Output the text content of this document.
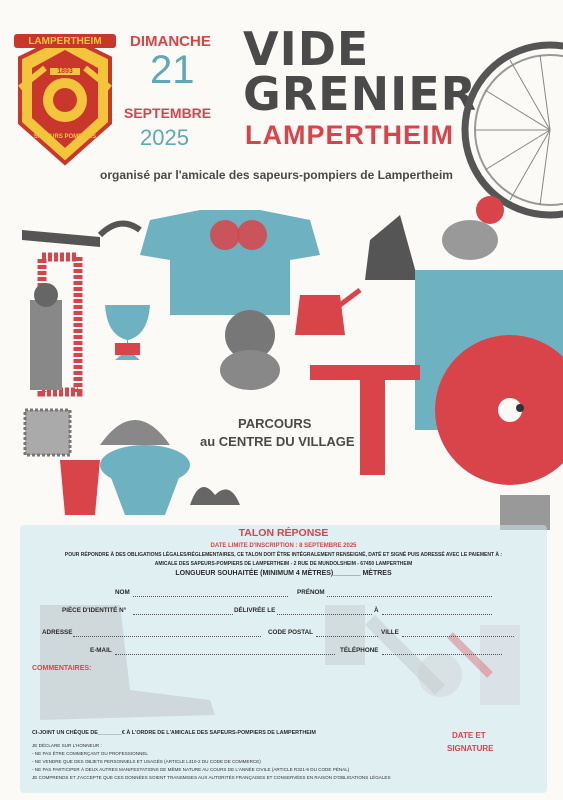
LAMPERTHEIM
1893
SAPEURS POMPIERS
DIMANCHE
21
SEPTEMBRE
2025
VIDE
GRENIER
LAMPERTHEIM
organisé par l'amicale des sapeurs-pompiers de Lampertheim
PARCOURS
au CENTRE DU VILLAGE
TALON RÉPONSE
DATE LIMITE D'INSCRIPTION : 8 SEPTEMBRE 2025
POUR RÉPONDRE À DES OBLIGATIONS LÉGALES/RÉGLEMENTAIRES, CE TALON DOIT ÊTRE INTÉGRALEMENT RENSEIGNÉ, DATÉ ET SIGNÉ PUIS ADRESSÉ AVEC LE PAIEMENT À :
AMICALE DES SAPEURS-POMPIERS DE LAMPERTHEIM - 2 RUE DE MUNDOLSHEIM - 67450 LAMPERTHEIM
LONGUEUR SOUHAITÉE (MINIMUM 4 MÈTRES)_______ MÈTRES
NOM	PRÉNOM
PIÈCE D'IDENTITÉ N°	DÉLIVRÉE LE	À
ADRESSE	CODE POSTAL	VILLE
E-MAIL	TÉLÉPHONE
COMMENTAIRES:
CI-JOINT UN CHÈQUE DE________€ À L'ORDRE DE L'AMICALE DES SAPEURS-POMPIERS DE LAMPERTHEIM
JE DÉCLARE SUR L'HONNEUR :
- NE PAS ÊTRE COMMERÇANT OU PROFESSIONNEL
- NE VENDRE QUE DES OBJETS PERSONNELS ET USAGÉS (ARTICLE L310-2 DU CODE DE COMMERCE)
- NE PAS PARTICIPER À DEUX AUTRES MANIFESTATIONS DE MÊME NATURE AU COURS DE L'ANNÉE CIVILE (ARTICLE R321-9 DU CODE PÉNAL)
JE COMPRENDS ET J'ACCEPTE QUE CES DONNÉES SOIENT TRANSMISES AUX AUTORITÉS FRANÇAISES ET CONSERVÉES EN RAISON D'OBLIGATIONS LÉGALES
DATE ET
SIGNATURE
